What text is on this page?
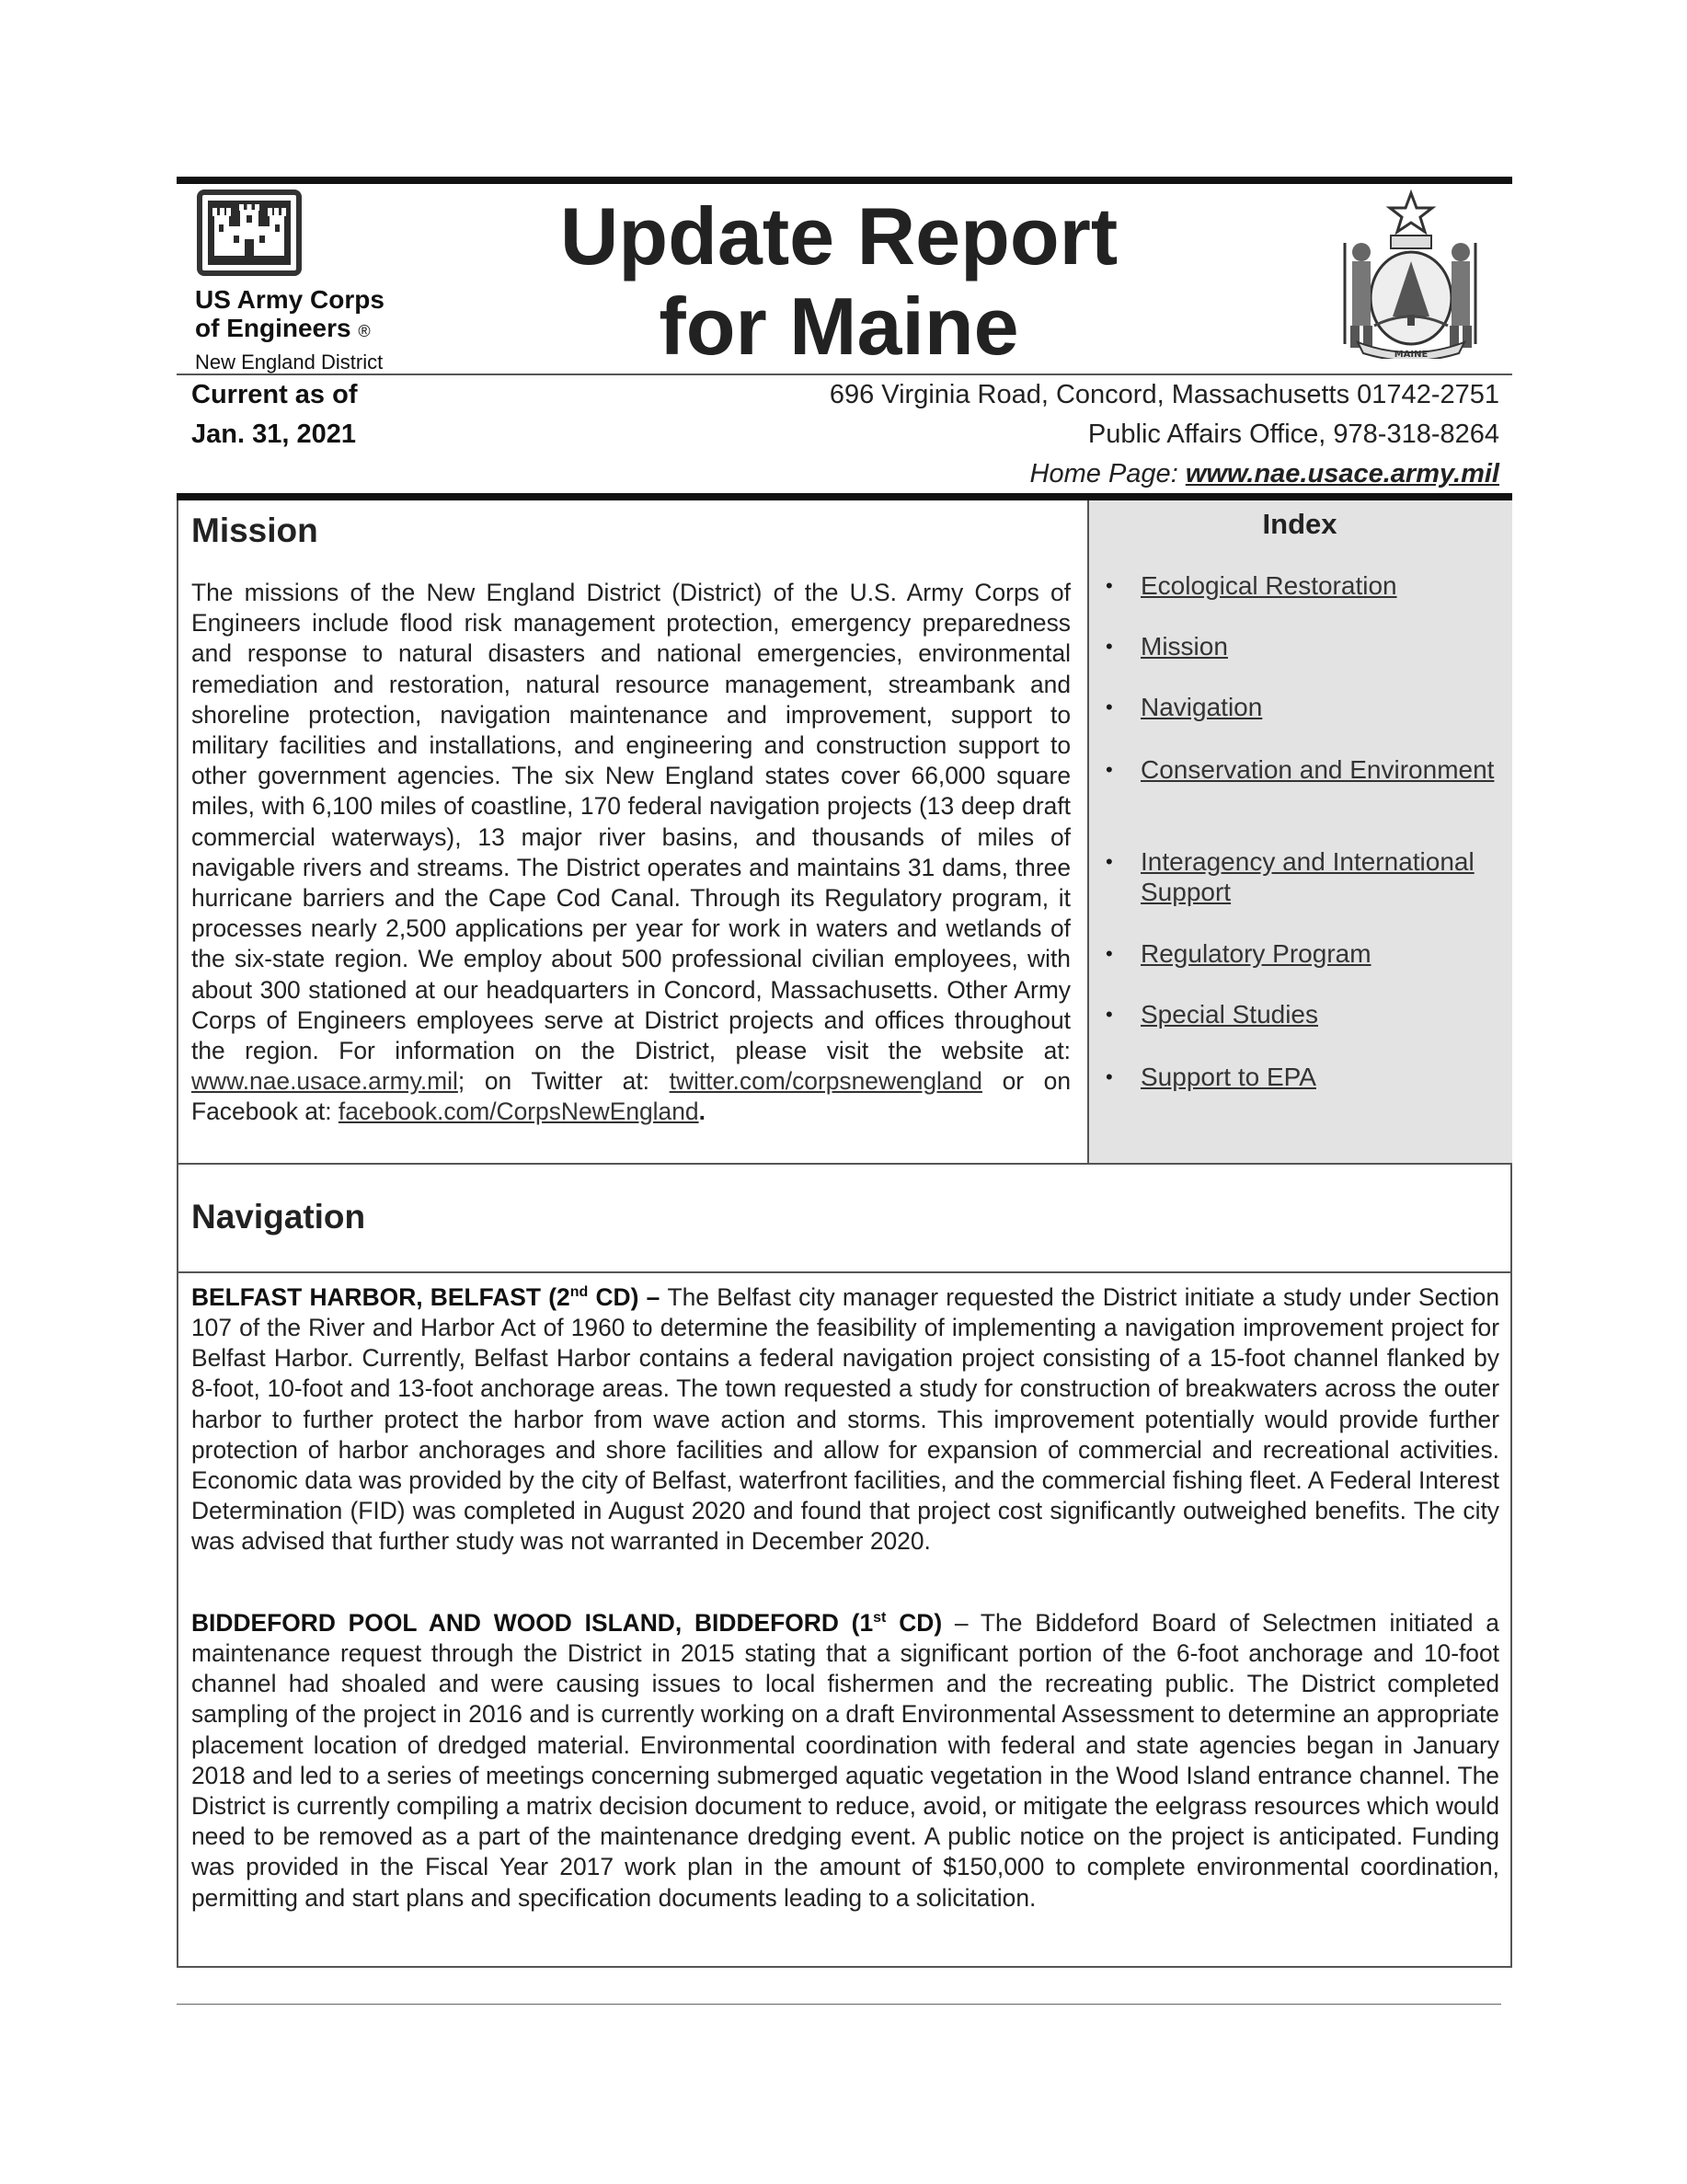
US Army Corps
of Engineers ®
New England District
Update Report
for Maine	MAINE
Current as of
Jan. 31, 2021
696 Virginia Road, Concord, Massachusetts 01742-2751
Public Affairs Office, 978-318-8264
Home Page: www.nae.usace.army.mil
Mission
The missions of the New England District (District) of the U.S. Army Corps of Engineers include flood risk management protection, emergency preparedness and response to natural disasters and national emergencies, environmental remediation and restoration, natural resource management, streambank and shoreline protection, navigation maintenance and improvement, support to military facilities and installations, and engineering and construction support to other government agencies. The six New England states cover 66,000 square miles, with 6,100 miles of coastline, 170 federal navigation projects (13 deep draft commercial waterways), 13 major river basins, and thousands of miles of navigable rivers and streams. The District operates and maintains 31 dams, three hurricane barriers and the Cape Cod Canal. Through its Regulatory program, it processes nearly 2,500 applications per year for work in waters and wetlands of the six-state region. We employ about 500 professional civilian employees, with about 300 stationed at our headquarters in Concord, Massachusetts. Other Army Corps of Engineers employees serve at District projects and offices throughout the region. For information on the District, please visit the website at: www.nae.usace.army.mil; on Twitter at: twitter.com/corpsnewengland or on Facebook at: facebook.com/CorpsNewEngland.
Index
• Ecological Restoration
• Mission
• Navigation
• Conservation and Environment
• Interagency and International Support
• Regulatory Program
• Special Studies
• Support to EPA
Navigation
BELFAST HARBOR, BELFAST (2nd CD) – The Belfast city manager requested the District initiate a study under Section 107 of the River and Harbor Act of 1960 to determine the feasibility of implementing a navigation improvement project for Belfast Harbor. Currently, Belfast Harbor contains a federal navigation project consisting of a 15-foot channel flanked by 8-foot, 10-foot and 13-foot anchorage areas. The town requested a study for construction of breakwaters across the outer harbor to further protect the harbor from wave action and storms. This improvement potentially would provide further protection of harbor anchorages and shore facilities and allow for expansion of commercial and recreational activities. Economic data was provided by the city of Belfast, waterfront facilities, and the commercial fishing fleet. A Federal Interest Determination (FID) was completed in August 2020 and found that project cost significantly outweighed benefits. The city was advised that further study was not warranted in December 2020.
BIDDEFORD POOL AND WOOD ISLAND, BIDDEFORD (1st CD) – The Biddeford Board of Selectmen initiated a maintenance request through the District in 2015 stating that a significant portion of the 6-foot anchorage and 10-foot channel had shoaled and were causing issues to local fishermen and the recreating public. The District completed sampling of the project in 2016 and is currently working on a draft Environmental Assessment to determine an appropriate placement location of dredged material. Environmental coordination with federal and state agencies began in January 2018 and led to a series of meetings concerning submerged aquatic vegetation in the Wood Island entrance channel. The District is currently compiling a matrix decision document to reduce, avoid, or mitigate the eelgrass resources which would need to be removed as a part of the maintenance dredging event. A public notice on the project is anticipated. Funding was provided in the Fiscal Year 2017 work plan in the amount of $150,000 to complete environmental coordination, permitting and start plans and specification documents leading to a solicitation.
